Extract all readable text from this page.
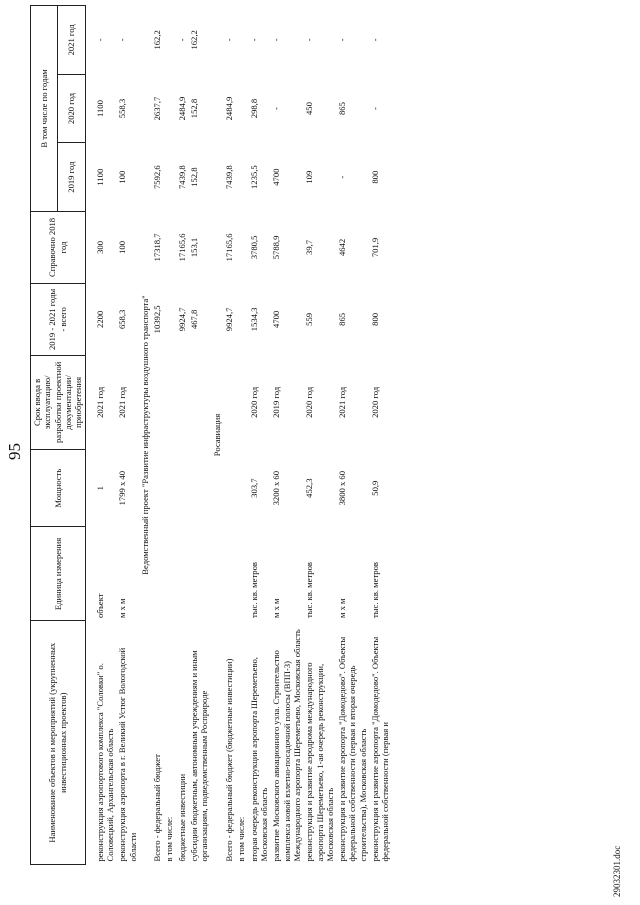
95
Наименование объектов и мероприятий (укрупненных инвестиционных проектов)	Единица измерения	Мощность	Срок ввода в эксплуатацию/ разработки проектной документации/ приобретения	2019 - 2021 годы - всего	Справочно 2018 год	В том числе по годам		
						2019 год	2020 год	2021 год

реконструкция аэропортового комплекса "Соловки" о. Соловецкий, Архангельская область	объект	1	2021 год	2200	300	1100	1100	-
реконструкция аэропорта в г. Великий Устюг Вологодской области	м х м	1799 х 40	2021 год	658,3	100	100	558,3	-
Ведомственный проект "Развитие инфраструктуры воздушного транспорта"								
Всего - федеральный бюджет				10392,5	17318,7	7592,6	2637,7	162,2
в том числе:								
бюджетные инвестиции				9924,7	17165,6	7439,8	2484,9	-
субсидии бюджетным, автономным учреждениям и иным организациям, подведомственным Росприроде				467,8	153,1	152,8	152,8	162,2
Росавиация								
Всего - федеральный бюджет (бюджетные инвестиции)				9924,7	17165,6	7439,8	2484,9	-
в том числе:								
вторая очередь реконструкции аэропорта Шереметьево, Московская область	тыс. кв. метров	303,7	2020 год	1534,3	3780,5	1235,5	298,8	-
развитие Московского авиационного узла. Строительство комплекса новой взлетно-посадочной полосы (ВПП-3) Международного аэропорта Шереметьево, Московская область	м х м	3200 х 60	2019 год	4700	5788,9	4700	-	-
реконструкция и развитие аэродрома международного аэропорта Шереметьево, 1-ая очередь реконструкции, Московская область	тыс. кв. метров	452,3	2020 год	559	39,7	109	450	-
реконструкция и развитие аэропорта "Домодедово". Объекты федеральной собственности (первая и вторая очередь строительства), Московская область	м х м	3800 х 60	2021 год	865	4642	-	865	-
реконструкция и развитие аэропорта "Домодедово". Объекты федеральной собственности (первая и	тыс. кв. метров	50,9	2020 год	800	701,9	800	-	-
29032301.doc
